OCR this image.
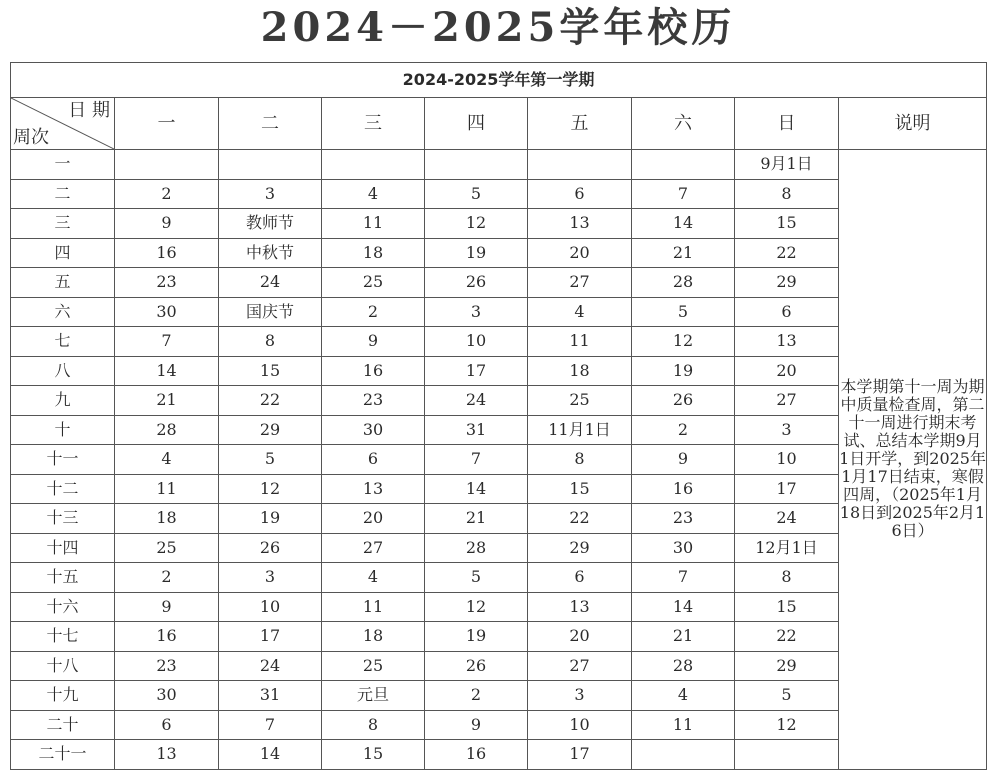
2024－2025学年校历
2024-2025学年第一学期								

日 期
周次	一	二	三	四	五	六	日	说明
一							9月1日	本学期第十一周为期中质量检查周，第二十一周进行期末考试、总结本学期9月1日开学，到2025年1月17日结束，寒假四周，（2025年1月18日到2025年2月16日）
二	2	3	4	5	6	7	8	
三	9	教师节	11	12	13	14	15	
四	16	中秋节	18	19	20	21	22	
五	23	24	25	26	27	28	29	
六	30	国庆节	2	3	4	5	6	
七	7	8	9	10	11	12	13	
八	14	15	16	17	18	19	20	
九	21	22	23	24	25	26	27	
十	28	29	30	31	11月1日	2	3	
十一	4	5	6	7	8	9	10	
十二	11	12	13	14	15	16	17	
十三	18	19	20	21	22	23	24	
十四	25	26	27	28	29	30	12月1日	
十五	2	3	4	5	6	7	8	
十六	9	10	11	12	13	14	15	
十七	16	17	18	19	20	21	22	
十八	23	24	25	26	27	28	29	
十九	30	31	元旦	2	3	4	5	
二十	6	7	8	9	10	11	12	
二十一	13	14	15	16	17			
